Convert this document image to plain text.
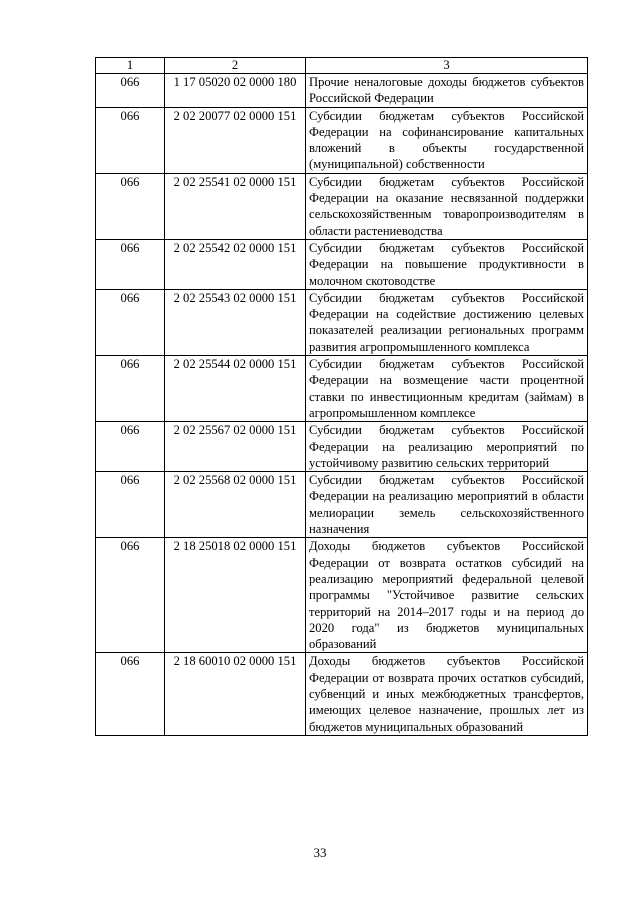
1	2	3
066	1 17 05020 02 0000 180	Прочие неналоговые доходы бюджетов субъектов Российской Федерации
066	2 02 20077 02 0000 151	Субсидии бюджетам субъектов Российской Федерации на софинансирование капитальных вложений в объекты государственной (муниципальной) собственности
066	2 02 25541 02 0000 151	Субсидии бюджетам субъектов Российской Федерации на оказание несвязанной поддержки сельскохозяйственным товаропроизводителям в области растениеводства
066	2 02 25542 02 0000 151	Субсидии бюджетам субъектов Российской Федерации на повышение продуктивности в молочном скотоводстве
066	2 02 25543 02 0000 151	Субсидии бюджетам субъектов Российской Федерации на содействие достижению целевых показателей реализации региональных программ развития агропромышленного комплекса
066	2 02 25544 02 0000 151	Субсидии бюджетам субъектов Российской Федерации на возмещение части процентной ставки по инвестиционным кредитам (займам) в агропромышленном комплексе
066	2 02 25567 02 0000 151	Субсидии бюджетам субъектов Российской Федерации на реализацию мероприятий по устойчивому развитию сельских территорий
066	2 02 25568 02 0000 151	Субсидии бюджетам субъектов Российской Федерации на реализацию мероприятий в области мелиорации земель сельскохозяйственного назначения
066	2 18 25018 02 0000 151	Доходы бюджетов субъектов Российской Федерации от возврата остатков субсидий на реализацию мероприятий федеральной целевой программы "Устойчивое развитие сельских территорий на 2014–2017 годы и на период до 2020 года" из бюджетов муниципальных образований
066	2 18 60010 02 0000 151	Доходы бюджетов субъектов Российской Федерации от возврата прочих остатков субсидий, субвенций и иных межбюджетных трансфертов, имеющих целевое назначение, прошлых лет из бюджетов муниципальных образований
33
